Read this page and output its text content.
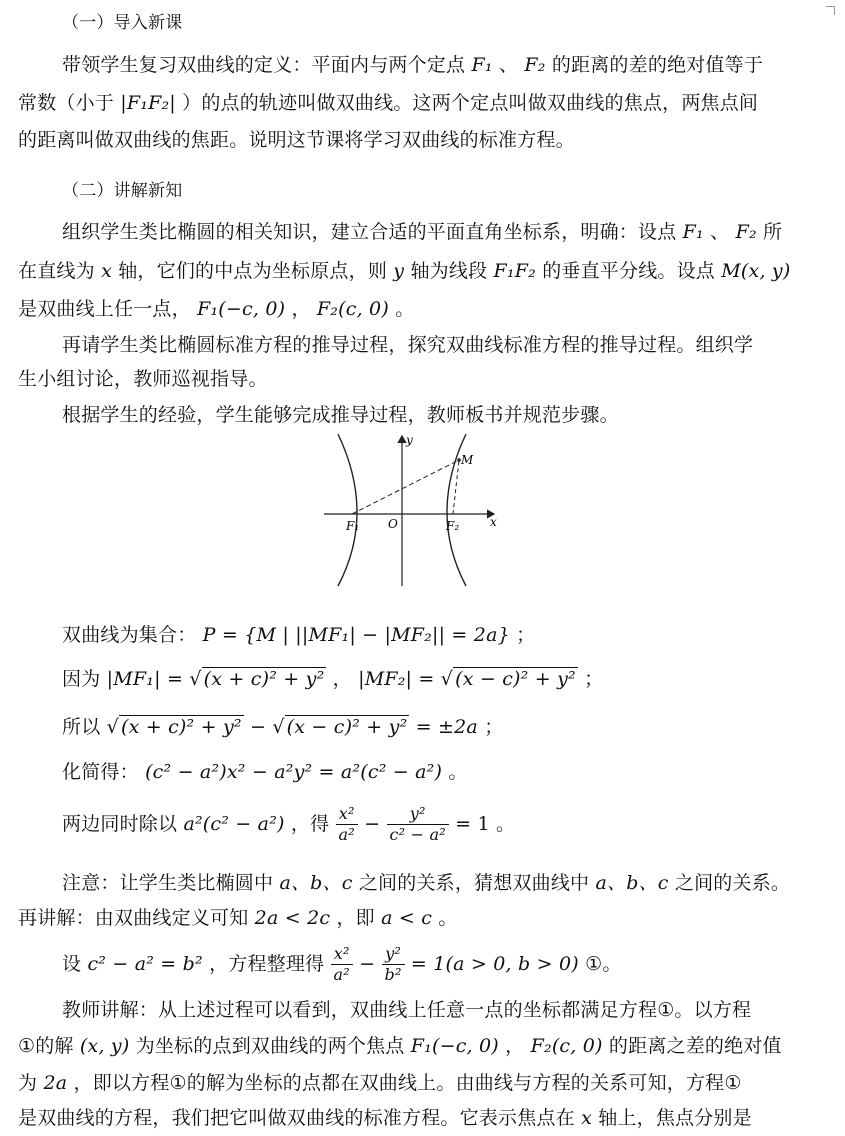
（一）导入新课
带领学生复习双曲线的定义：平面内与两个定点 F₁ 、 F₂ 的距离的差的绝对值等于
常数（小于 |F₁F₂| ）的点的轨迹叫做双曲线。这两个定点叫做双曲线的焦点，两焦点间
的距离叫做双曲线的焦距。说明这节课将学习双曲线的标准方程。
（二）讲解新知
组织学生类比椭圆的相关知识，建立合适的平面直角坐标系，明确：设点 F₁ 、 F₂ 所
在直线为 x 轴，它们的中点为坐标原点，则 y 轴为线段 F₁F₂ 的垂直平分线。设点 M(x, y)
是双曲线上任一点， F₁(−c, 0) ， F₂(c, 0) 。
再请学生类比椭圆标准方程的推导过程，探究双曲线标准方程的推导过程。组织学
生小组讨论，教师巡视指导。
根据学生的经验，学生能够完成推导过程，教师板书并规范步骤。
y
x
M
O
F₁	F₂
双曲线为集合： P = {M | ||MF₁| − |MF₂|| = 2a} ；
因为 |MF₁| = √ (x + c)² + y² ， |MF₂| = √ (x − c)² + y² ；
所以 √ (x + c)² + y² − √ (x − c)² + y² = ±2a ；
化简得： (c² − a²)x² − a²y² = a²(c² − a²) 。
两边同时除以 a²(c² − a²) ，得 $\frac{\text{x²}}{\text{a²}} - \frac{\text{y²}}{\text{c² − a²}} = 1$ 。
注意：让学生类比椭圆中 a、b、c 之间的关系，猜想双曲线中 a、b、c 之间的关系。
再讲解：由双曲线定义可知 2a < 2c ，即 a < c 。
设 c² − a² = b² ，方程整理得 $\frac{\text{x²}}{\text{a²}} - \frac{\text{y²}}{\text{b²}} = 1(a > 0$, b > 0) ①。
教师讲解：从上述过程可以看到，双曲线上任意一点的坐标都满足方程①。以方程
①的解 (x, y) 为坐标的点到双曲线的两个焦点 F₁(−c, 0) ， F₂(c, 0) 的距离之差的绝对值
为 2a ，即以方程①的解为坐标的点都在双曲线上。由曲线与方程的关系可知，方程①
是双曲线的方程，我们把它叫做双曲线的标准方程。它表示焦点在 x 轴上，焦点分别是
